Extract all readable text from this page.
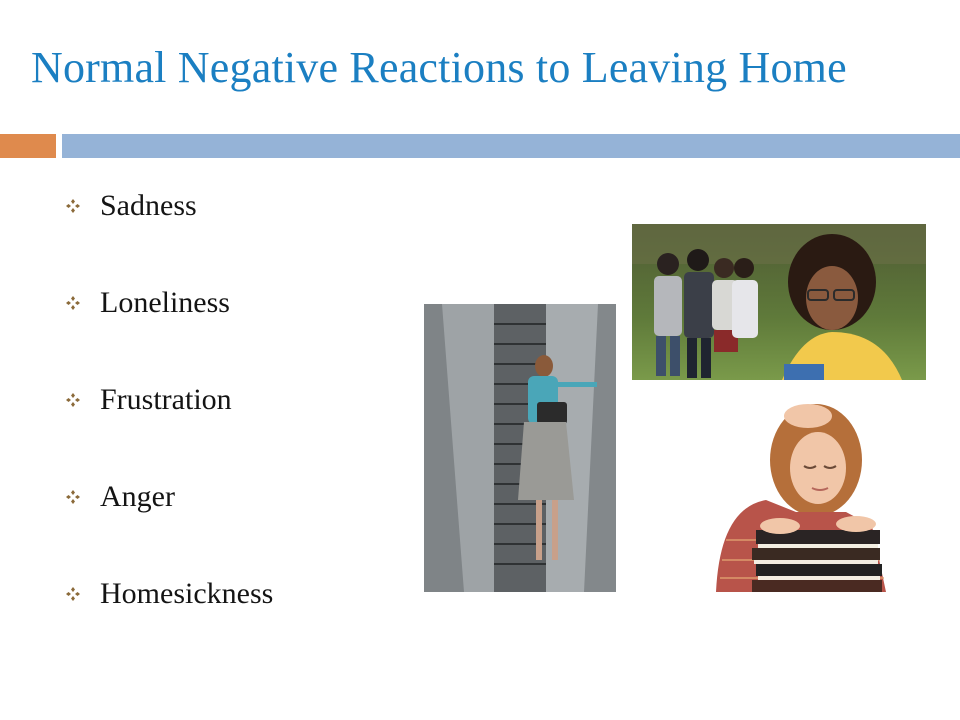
Normal Negative Reactions to Leaving Home
Sadness
Loneliness
Frustration
Anger
Homesickness
